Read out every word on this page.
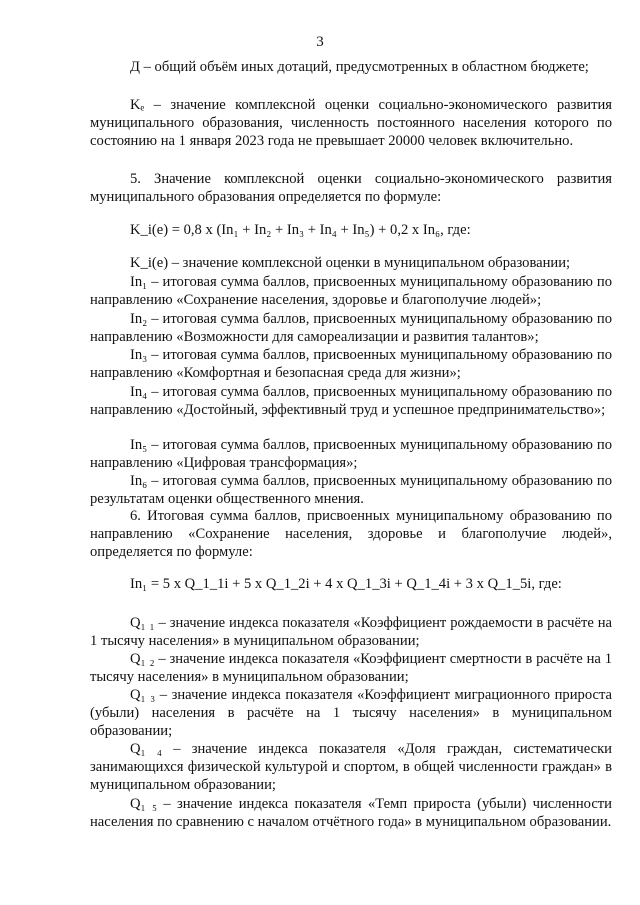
3

Д – общий объём иных дотаций, предусмотренных в областном бюджете;

Kₑ – значение комплексной оценки социально-экономического развития муниципального образования, численность постоянного населения которого по состоянию на 1 января 2023 года не превышает 20000 человек включительно.

5. Значение комплексной оценки социально-экономического развития муниципального образования определяется по формуле:

K_i(e) = 0,8 x (In₁ + In₂ + In₃ + In₄ + In₅) + 0,2 x In₆, где:

K_i(e) – значение комплексной оценки в муниципальном образовании;

In₁ – итоговая сумма баллов, присвоенных муниципальному образованию по направлению «Сохранение населения, здоровье и благополучие людей»;

In₂ – итоговая сумма баллов, присвоенных муниципальному образованию по направлению «Возможности для самореализации и развития талантов»;

In₃ – итоговая сумма баллов, присвоенных муниципальному образованию по направлению «Комфортная и безопасная среда для жизни»;

In₄ – итоговая сумма баллов, присвоенных муниципальному образованию по направлению «Достойный, эффективный труд и успешное предпринимательство»;

In₅ – итоговая сумма баллов, присвоенных муниципальному образованию по направлению «Цифровая трансформация»;

In₆ – итоговая сумма баллов, присвоенных муниципальному образованию по результатам оценки общественного мнения.

6. Итоговая сумма баллов, присвоенных муниципальному образованию по направлению «Сохранение населения, здоровье и благополучие людей», определяется по формуле:

In₁ = 5 x Q_1_1i + 5 x Q_1_2i + 4 x Q_1_3i + Q_1_4i + 3 x Q_1_5i, где:

Q₁ ₁ – значение индекса показателя «Коэффициент рождаемости в расчёте на 1 тысячу населения» в муниципальном образовании;

Q₁ ₂ – значение индекса показателя «Коэффициент смертности в расчёте на 1 тысячу населения» в муниципальном образовании;

Q₁ ₃ – значение индекса показателя «Коэффициент миграционного прироста (убыли) населения в расчёте на 1 тысячу населения» в муниципальном образовании;

Q₁ ₄ – значение индекса показателя «Доля граждан, систематически занимающихся физической культурой и спортом, в общей численности граждан» в муниципальном образовании;

Q₁ ₅ – значение индекса показателя «Темп прироста (убыли) численности населения по сравнению с началом отчётного года» в муниципальном образовании.
